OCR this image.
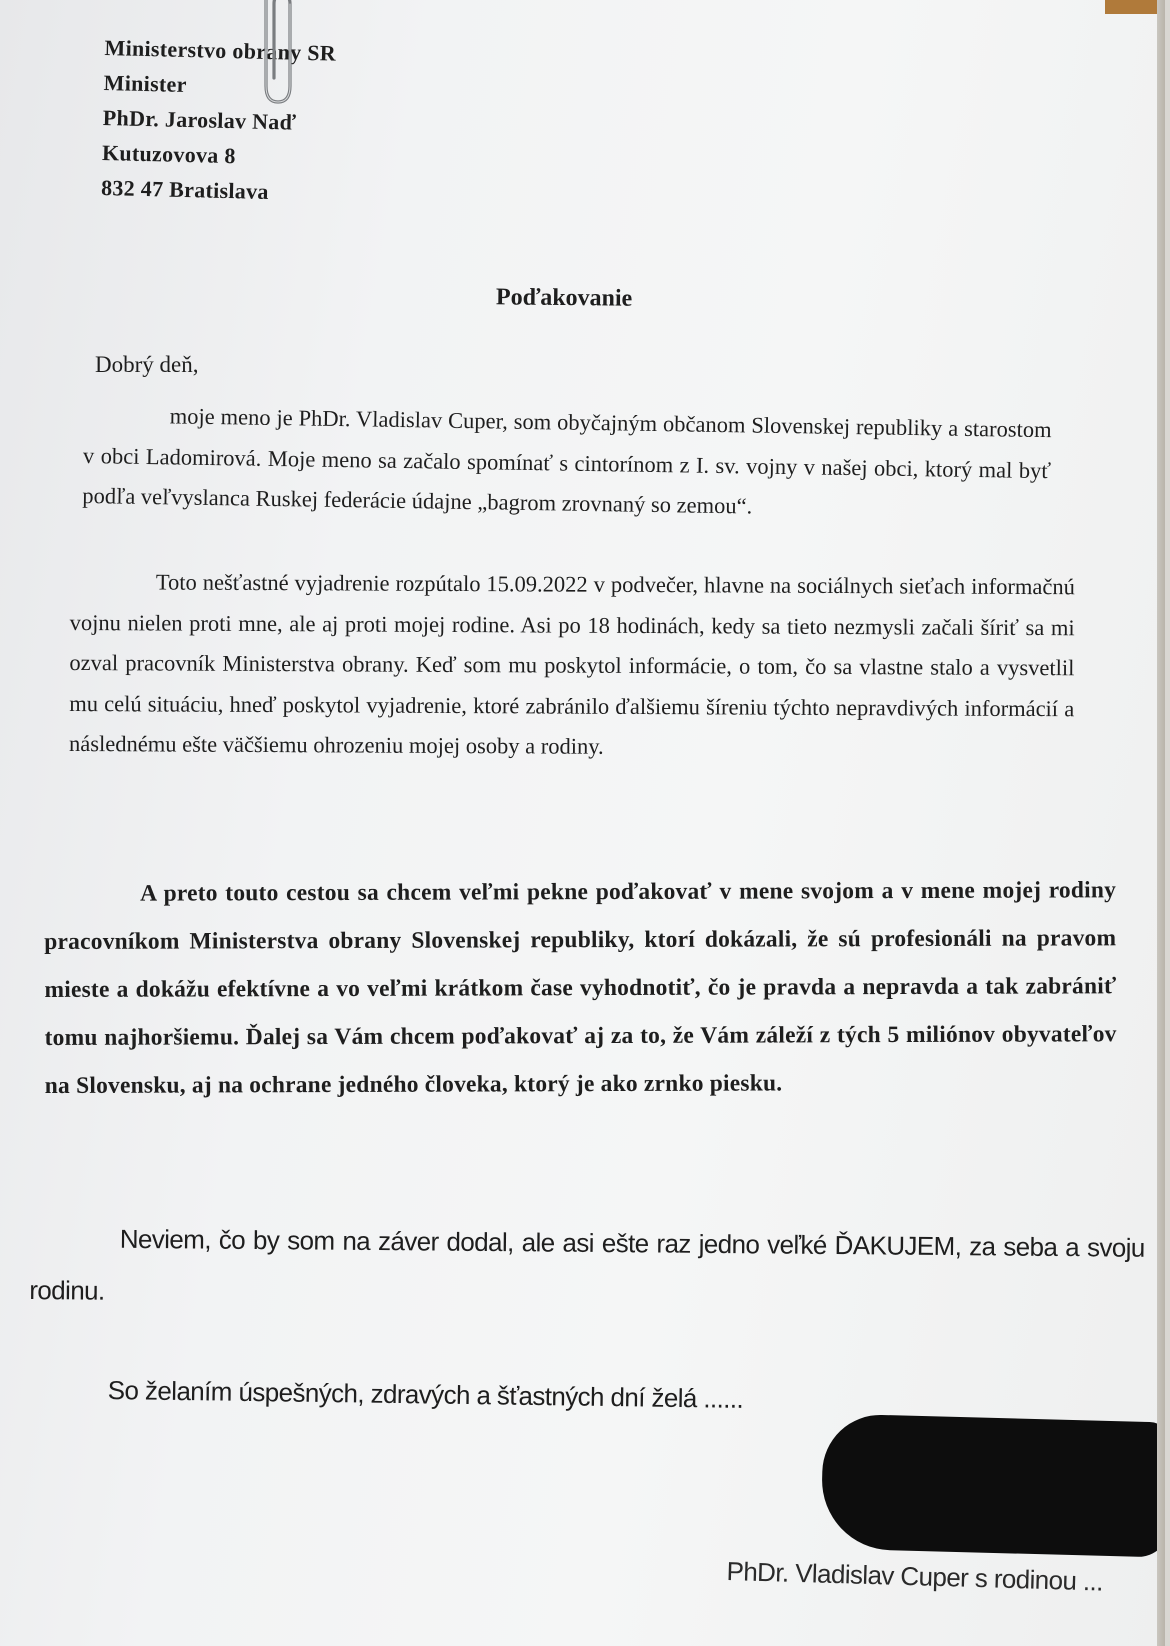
Ministerstvo obrany SR
Minister
PhDr. Jaroslav Naď
Kutuzovova 8
832 47 Bratislava
Poďakovanie
Dobrý deň,
moje meno je PhDr. Vladislav Cuper, som obyčajným občanom Slovenskej republiky a starostom v obci Ladomirová. Moje meno sa začalo spomínať s cintorínom z I. sv. vojny v našej obci, ktorý mal byť podľa veľvyslanca Ruskej federácie údajne „bagrom zrovnaný so zemou“.
Toto nešťastné vyjadrenie rozpútalo 15.09.2022 v podvečer, hlavne na sociálnych sieťach informačnú vojnu nielen proti mne, ale aj proti mojej rodine. Asi po 18 hodinách, kedy sa tieto nezmysli začali šíriť sa mi ozval pracovník Ministerstva obrany. Keď som mu poskytol informácie, o tom, čo sa vlastne stalo a vysvetlil mu celú situáciu, hneď poskytol vyjadrenie, ktoré zabránilo ďalšiemu šíreniu týchto nepravdivých informácií a následnému ešte väčšiemu ohrozeniu mojej osoby a rodiny.
A preto touto cestou sa chcem veľmi pekne poďakovať v mene svojom a v mene mojej rodiny pracovníkom Ministerstva obrany Slovenskej republiky, ktorí dokázali, že sú profesionáli na pravom mieste a dokážu efektívne a vo veľmi krátkom čase vyhodnotiť, čo je pravda a nepravda a tak zabrániť tomu najhoršiemu. Ďalej sa Vám chcem poďakovať aj za to, že Vám záleží z tých 5 miliónov obyvateľov na Slovensku, aj na ochrane jedného človeka, ktorý je ako zrnko piesku.
Neviem, čo by som na záver dodal, ale asi ešte raz jedno veľké ĎAKUJEM, za seba a svoju rodinu.
So želaním úspešných, zdravých a šťastných dní želá ......
PhDr. Vladislav Cuper s rodinou ...
